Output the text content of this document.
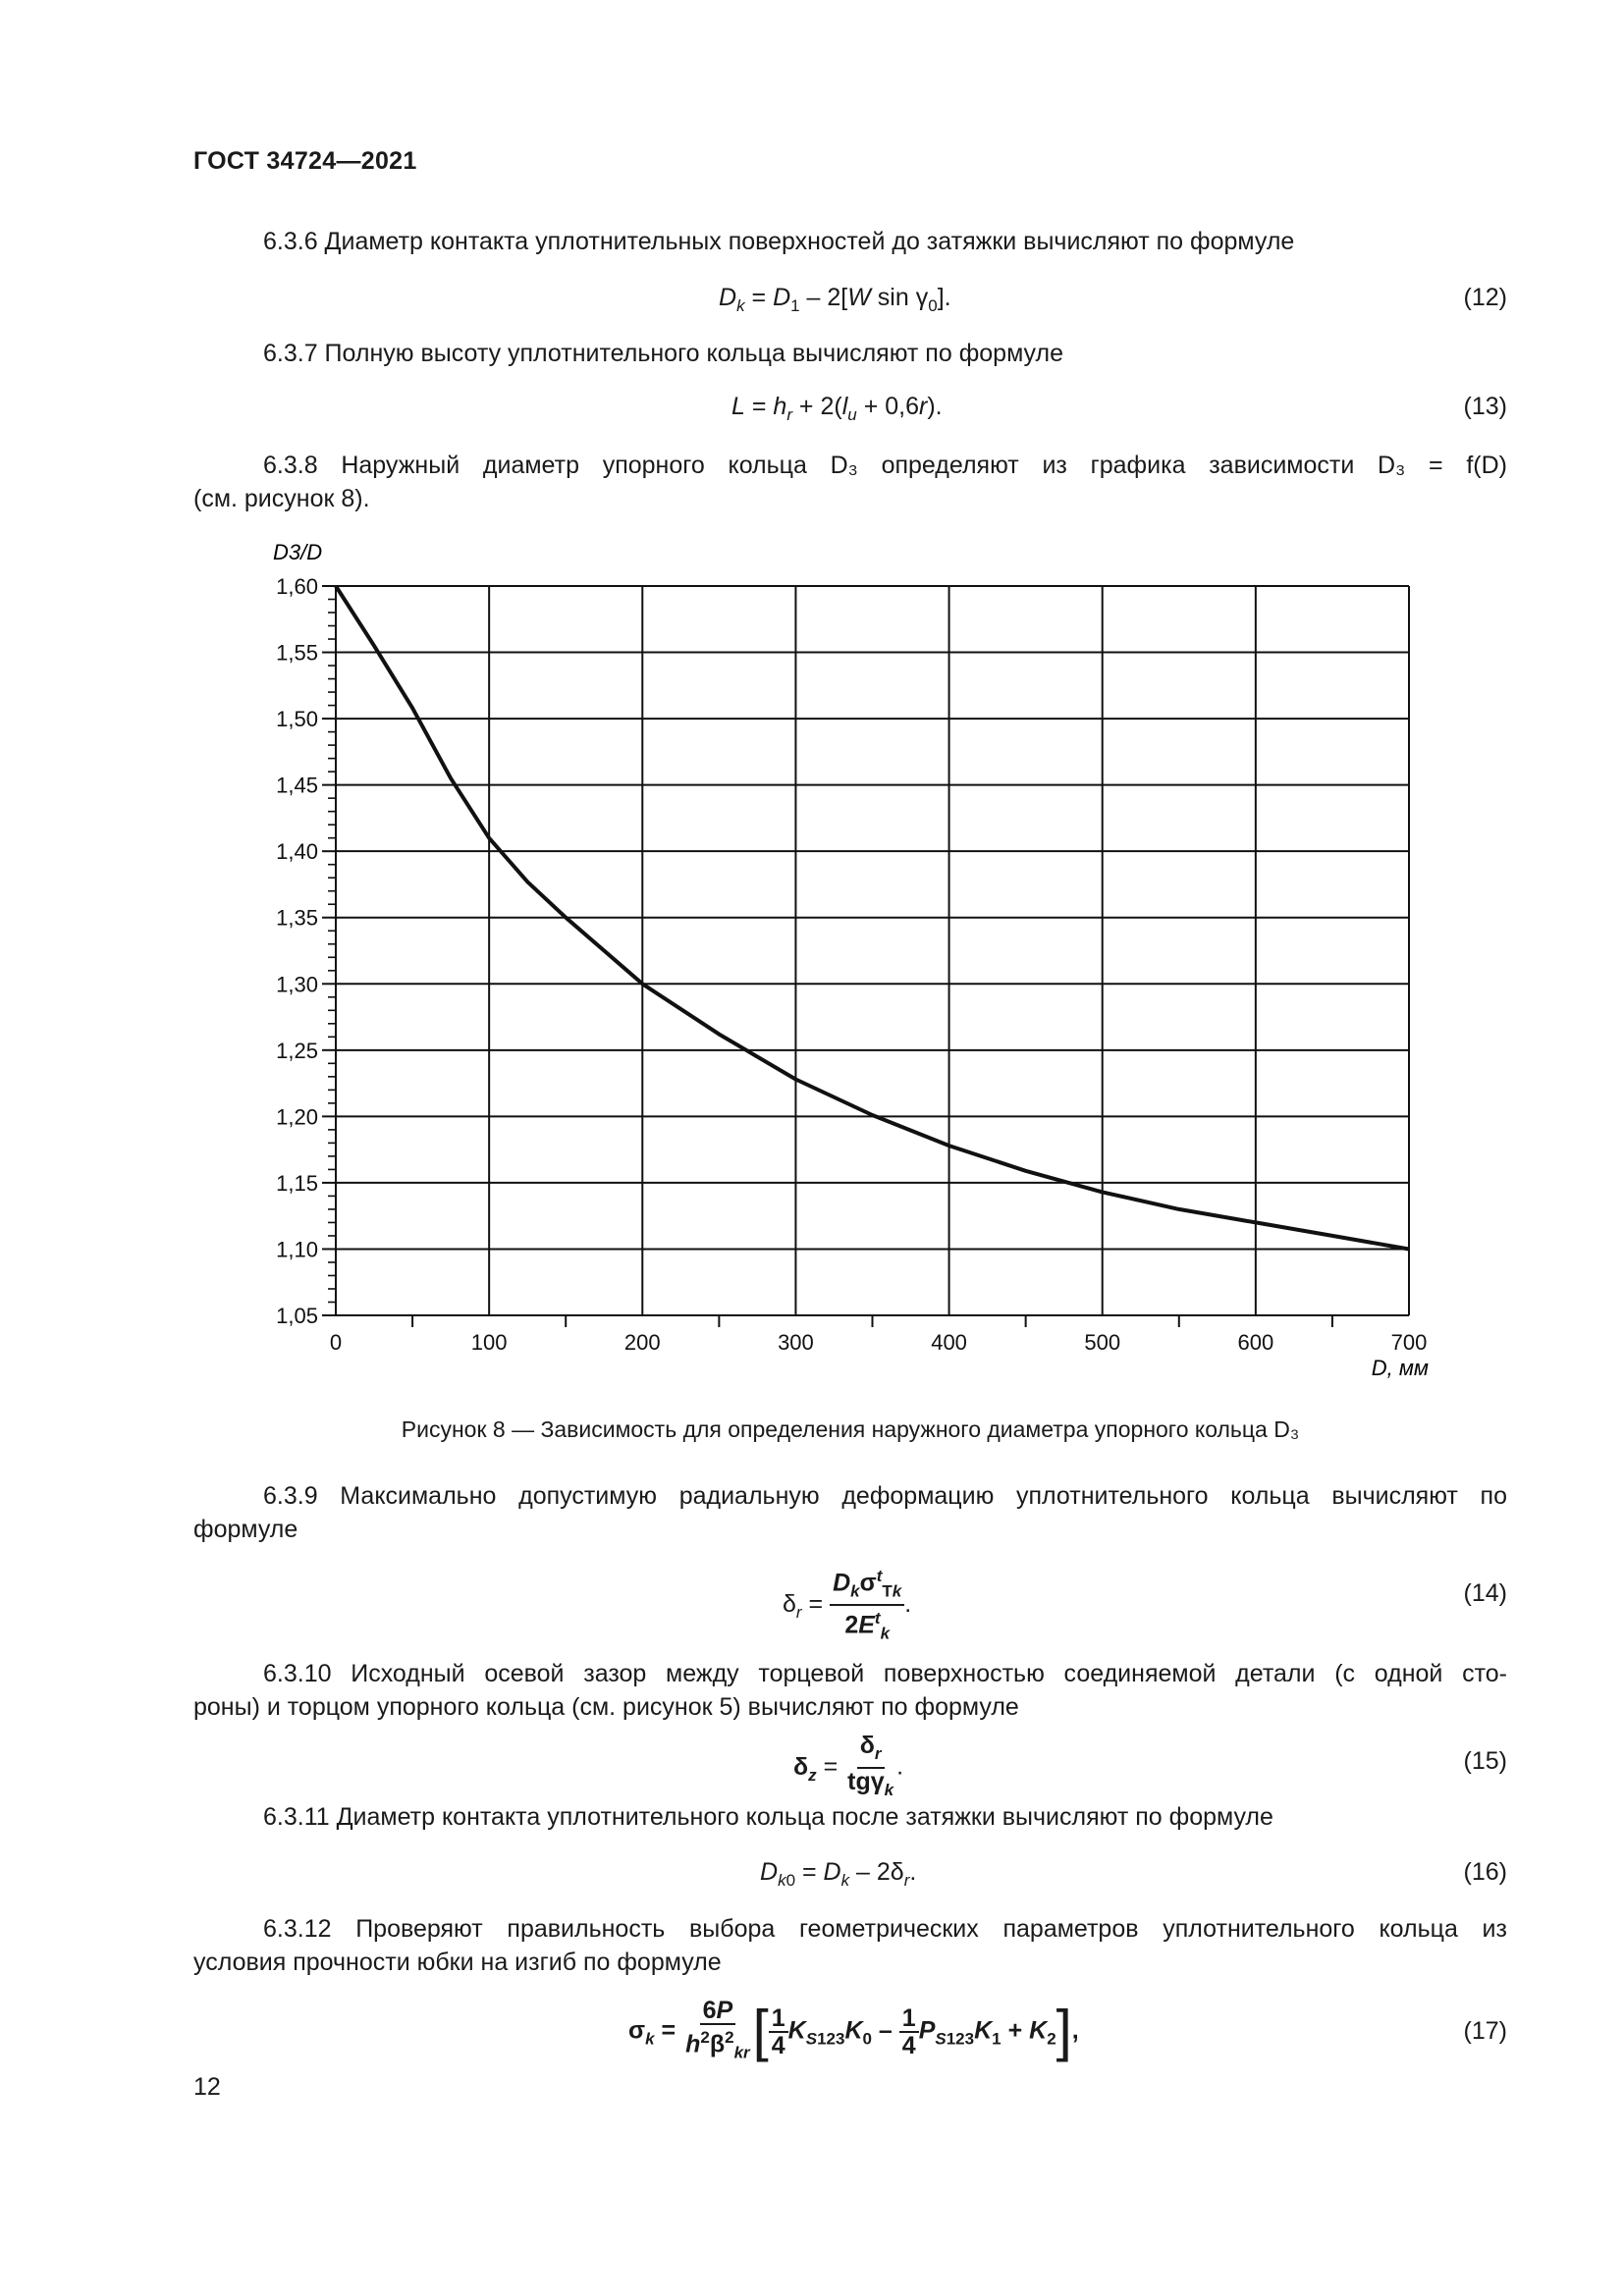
ГОСТ 34724—2021
6.3.6 Диаметр контакта уплотнительных поверхностей до затяжки вычисляют по формуле
$D_k = D_1 - 2[W$ $\sin \gamma_0$].	(12)
6.3.7 Полную высоту уплотнительного кольца вычисляют по формуле
$L = h_r + 2(l_u + 0,6r)$.	(13)
6.3.8 Наружный диаметр упорного кольца D₃ определяют из графика зависимости D₃ = f(D)
(см. рисунок 8).
1,05
1,10
1,15
1,20
1,25
1,30
1,35
1,40
1,45
1,50
1,55
1,60
0	100	200	300	400	500	600	700
D3/D
D, мм
Рисунок 8 — Зависимость для определения наружного диаметра упорного кольца D₃
6.3.9 Максимально допустимую радиальную деформацию уплотнительного кольца вычисляют по
формуле
$\delta_r = \frac{D_k\sigma^t_{Тk}}{2E^t_k}$ .	(14)
6.3.10 Исходный осевой зазор между торцевой поверхностью соединяемой детали (с одной сто-
роны) и торцом упорного кольца (см. рисунок 5) вычисляют по формуле
$\delta_z = \frac{\delta_r}{tg\gamma_k}$ .	(15)
6.3.11 Диаметр контакта уплотнительного кольца после затяжки вычисляют по формуле
$D_{k0} = D_k - 2\delta_r$.	(16)
6.3.12 Проверяют правильность выбора геометрических параметров уплотнительного кольца из
условия прочности юбки на изгиб по формуле
$\sigma_k = \frac{6P}{h^2\beta^2_{kr}}$ [ $\frac{1}{4} K_{S123}K_0 - \frac{1}{4} P_{S123}K_1 + K_2$],	(17)
12
